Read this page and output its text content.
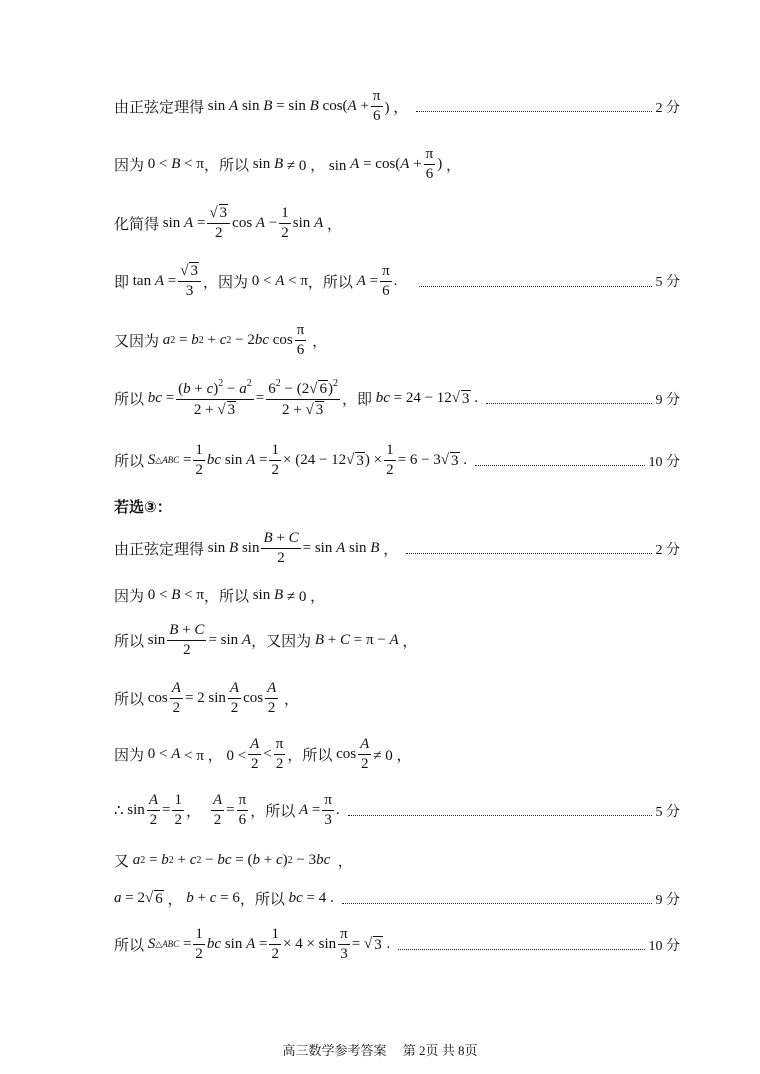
由正弦定理得 sin A sin B = sin B cos( $A + \frac{\pi}{6}$ ) ，	2 分
因为 0 < B < π ，所以 sin B ≠ 0 ， sin A = cos( $A + \frac{\pi}{6}$ ) ，
化简得 $\sin A = \frac{√ 3}{2}$ $\cos A - \frac{1}{2}$ sin A ，
即 $\tan A = \frac{√ 3}{3}$ ，因为 0 < A < π ，所以
$A = \frac{\pi}{6}$ .	5 分
又因为
a 2 = b 2 + c 2 − 2 bc $\cos \frac{\pi}{6}$ ，
所以
bc = $\frac{(b + c)^2 - a^2}{2 + √ 3} = \frac{6^2 - (2√ 6)^2}{2 + √ 3}$ ，即
bc = 24 − 12 √ 3 .	9 分
所以
S △ABC = $\frac{1}{2}$ bc $\sin A = \frac{1}{2} \times (24 - 12$ √ 3 ) × $\frac{1}{2} = 6 - 3$ √ 3 .	10 分
若选③：
由正弦定理得 sin B $\sin \frac{B + C}{2} = \sin A$ sin B ，	2 分
因为 0 < B < π ，所以 sin B ≠ 0 ，
所以 $\sin \frac{B + C}{2} = \sin A$ ，又因为
B + C = π − A ，
所以 $\cos \frac{A}{2} = 2$ $\sin \frac{A}{2}$ $\cos \frac{A}{2}$ ，
因为 0 < A < π ， $0 < \frac{A}{2} < \frac{\pi}{2}$ ，所以 $\cos \frac{A}{2} \ne 0$ ，
∴ $\sin \frac{A}{2} = \frac{1}{2}$ ， $\frac{A}{2} = \frac{\pi}{6}$ ，所以
$A = \frac{\pi}{3}$ .	5 分
又
a 2 = b 2 + c 2 − bc = ( b + c ) 2 − 3 bc ，
a = 2 √ 6 ， b + c = 6 ，所以
bc = 4 .	9 分
所以
S △ABC = $\frac{1}{2}$ bc $\sin A = \frac{1}{2} \times 4 \times \sin \frac{\pi}{3}$ = √ 3 .	10 分
高三数学参考答案　 第 2页 共 8页
